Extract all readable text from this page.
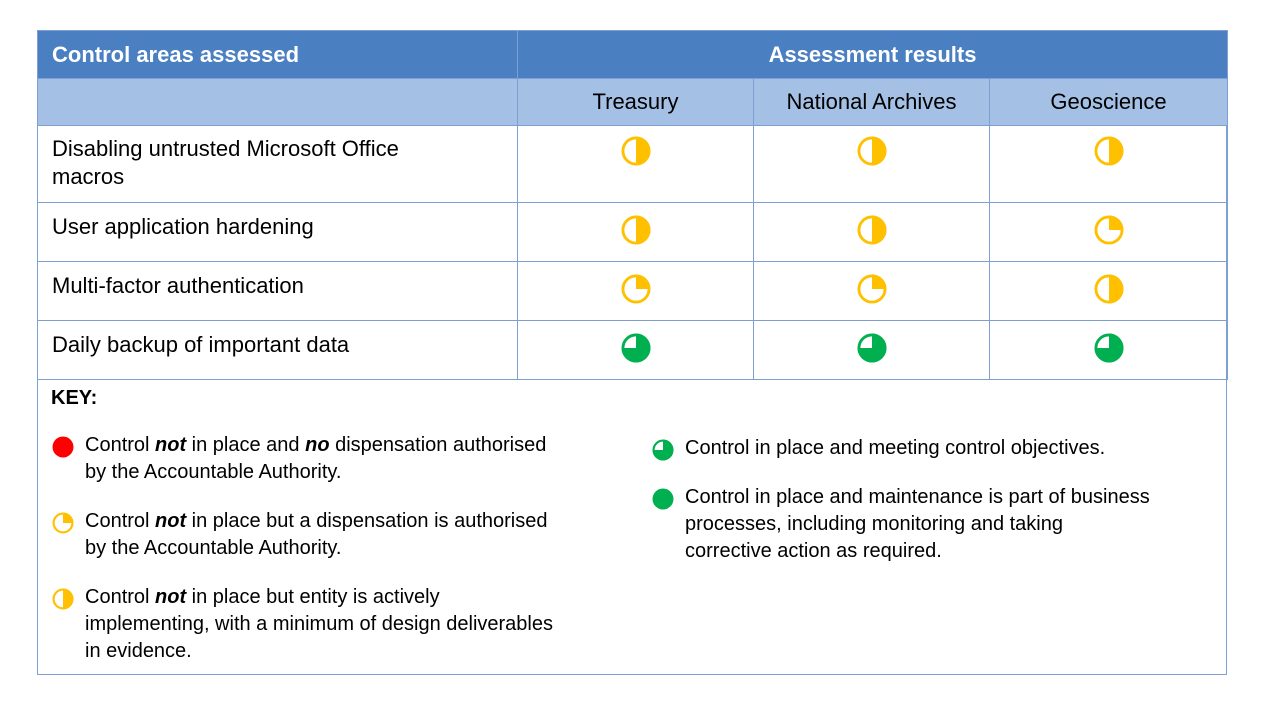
Control areas assessed	Assessment results		
	Treasury	National Archives	Geoscience
Disabling untrusted Microsoft Office
macros			
User application hardening			
Multi-factor authentication			
Daily backup of important data			
KEY:
Control not in place and no dispensation authorised
by the Accountable Authority.
Control not in place but a dispensation is authorised
by the Accountable Authority.
Control not in place but entity is actively
implementing, with a minimum of design deliverables
in evidence.
Control in place and meeting control objectives.
Control in place and maintenance is part of business
processes, including monitoring and taking
corrective action as required.
